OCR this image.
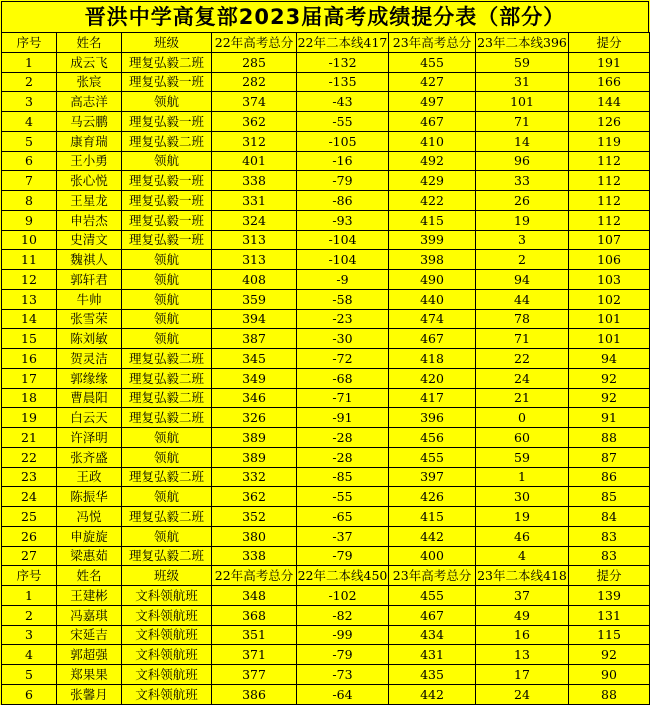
晋洪中学高复部2023届高考成绩提分表（部分）
序号	姓名	班级	22年高考总分	22年二本线417	23年高考总分	23年二本线396	提分
1	成云飞	理复弘毅二班	285	-132	455	59	191
2	张宸	理复弘毅一班	282	-135	427	31	166
3	高志洋	领航	374	-43	497	101	144
4	马云鹏	理复弘毅一班	362	-55	467	71	126
5	康育瑞	理复弘毅二班	312	-105	410	14	119
6	王小勇	领航	401	-16	492	96	112
7	张心悦	理复弘毅一班	338	-79	429	33	112
8	王星龙	理复弘毅一班	331	-86	422	26	112
9	申岩杰	理复弘毅一班	324	-93	415	19	112
10	史清文	理复弘毅一班	313	-104	399	3	107
11	魏祺人	领航	313	-104	398	2	106
12	郭轩君	领航	408	-9	490	94	103
13	牛帅	领航	359	-58	440	44	102
14	张雪荣	领航	394	-23	474	78	101
15	陈刘敏	领航	387	-30	467	71	101
16	贺灵洁	理复弘毅二班	345	-72	418	22	94
17	郭缘缘	理复弘毅二班	349	-68	420	24	92
18	曹晨阳	理复弘毅二班	346	-71	417	21	92
19	白云天	理复弘毅二班	326	-91	396	0	91
21	许泽明	领航	389	-28	456	60	88
22	张齐盛	领航	389	-28	455	59	87
23	王政	理复弘毅二班	332	-85	397	1	86
24	陈振华	领航	362	-55	426	30	85
25	冯悦	理复弘毅二班	352	-65	415	19	84
26	申旋旋	领航	380	-37	442	46	83
27	梁惠茹	理复弘毅二班	338	-79	400	4	83
序号	姓名	班级	22年高考总分	22年二本线450	23年高考总分	23年二本线418	提分
1	王建彬	文科领航班	348	-102	455	37	139
2	冯嘉琪	文科领航班	368	-82	467	49	131
3	宋延吉	文科领航班	351	-99	434	16	115
4	郭超强	文科领航班	371	-79	431	13	92
5	郑果果	文科领航班	377	-73	435	17	90
6	张馨月	文科领航班	386	-64	442	24	88
